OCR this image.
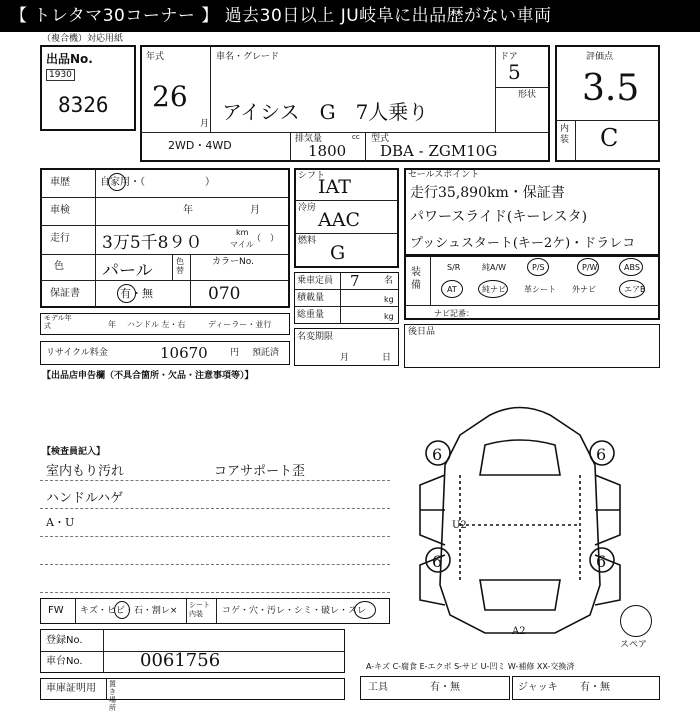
【 トレタマ30コーナー 】 過去30日以上 JU岐阜に出品歴がない車両
（複合機）対応用紙
出品No.
1930
8326
年式
26
月
車名・グレード
アイシス　G　7人乗り
ドア
5
形状
2WD・4WD	排気量	cc
1800
型式
DBA - ZGM10G
評価点
3.5
内装 C
車歴	自家用・（　　　　　　）
車検	年	月
走行 3万5千8９０
km
マイル
（　）
色 パール	色替
カラーNo.
保証書	有・無	070
モデル年式	年 ハンドル 左・右	ディーラー・並行
リサイクル料金	10670 円 預託済
【出品店申告欄（不具合箇所・欠品・注意事項等）】
シフト
IAT
冷房
AAC
燃料
G
乗車定員 7	名
積載量	kg
総重量	kg
名変期限
月	日
セールスポイント
走行35,890km・保証書
パワースライド(キーレスタ)
プッシュスタート(キー2ケ)・ドラレコ
装備
S/R	純A/W	P/S	P/W	ABS
AT	純ナビ 革シート 外ナビ	エアB
ナビ記番：
後日品
【検査員記入】
室内もり汚れ
ハンドルハゲ
A・U
コアサポート歪
FW キズ・ヒビ・石・割レ×
シート内装	コゲ・穴・汚レ・シミ・破レ・スレ
登録No.
車台No.	0061756
車庫証明用 置き場所
6	6
6	6
U2
A2
スペア
A-キズ C-腐食 E-エクボ S-サビ U-凹ミ W-補修 XX-交換済
工具	有・無	ジャッキ 有・無
